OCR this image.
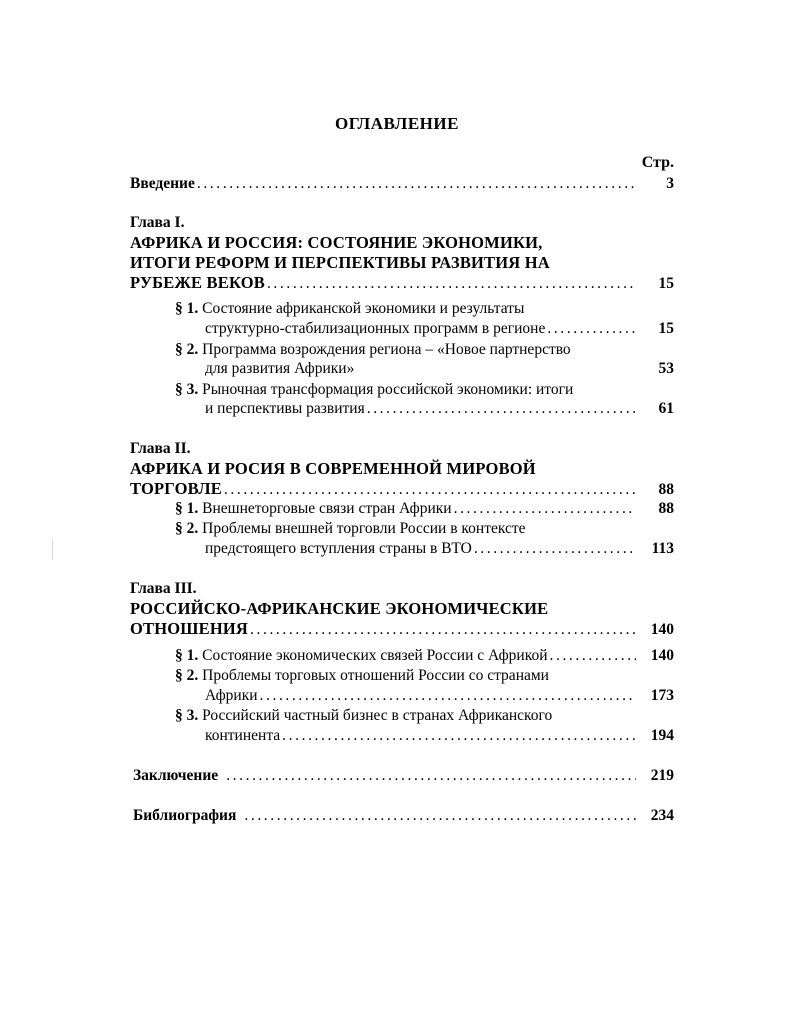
ОГЛАВЛЕНИЕ
Стр.
Введение .....	3
Глава I.
АФРИКА И РОССИЯ: СОСТОЯНИЕ ЭКОНОМИКИ,
ИТОГИ РЕФОРМ И ПЕРСПЕКТИВЫ РАЗВИТИЯ НА
РУБЕЖЕ ВЕКОВ .....	15
§ 1. Состояние африканской экономики и результаты
структурно-стабилизационных программ в регионе .....	15
§ 2. Программа возрождения региона – «Новое партнерство
для развития Африки»	53
§ 3. Рыночная трансформация российской экономики: итоги
и перспективы развития .....	61
Глава II.
АФРИКА И РОСИЯ В СОВРЕМЕННОЙ МИРОВОЙ
ТОРГОВЛЕ .....	88
§ 1. Внешнеторговые связи стран Африки .....	88
§ 2. Проблемы внешней торговли России в контексте
предстоящего вступления страны в ВТО .....	113
Глава III.
РОССИЙСКО-АФРИКАНСКИЕ ЭКОНОМИЧЕСКИЕ
ОТНОШЕНИЯ .....	140
§ 1. Состояние экономических связей России с Африкой .....	140
§ 2. Проблемы торговых отношений России со странами
Африки .....	173
§ 3. Российский частный бизнес в странах Африканского
континента .....	194
Заключение .....	219
Библиография .....	234
